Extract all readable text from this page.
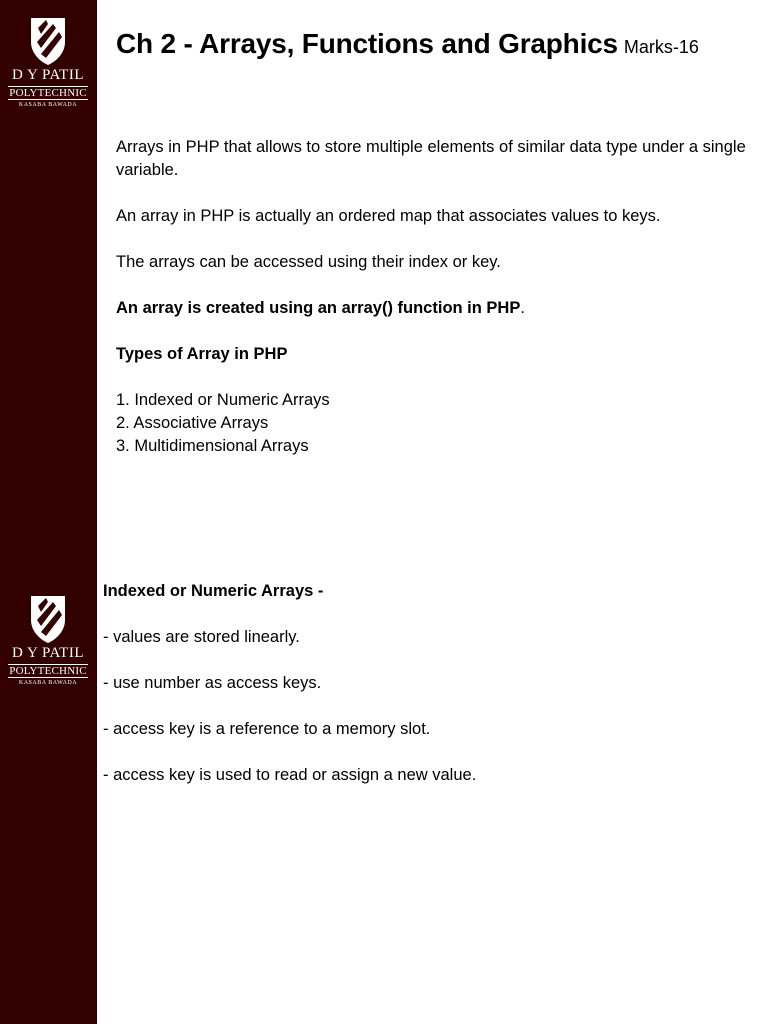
D Y PATIL
POLYTECHNIC
KASABA BAWADA
Ch 2 - Arrays, Functions and Graphics Marks-16

Arrays in PHP that allows to store multiple elements of similar data type under a single variable.

An array in PHP is actually an ordered map that associates values to keys.

The arrays can be accessed using their index or key.

An array is created using an array() function in PHP.

Types of Array in PHP

1. Indexed or Numeric Arrays
2. Associative Arrays
3. Multidimensional Arrays
D Y PATIL
POLYTECHNIC
KASABA BAWADA

Indexed or Numeric Arrays -

- values are stored linearly.

- use number as access keys.

- access key is a reference to a memory slot.

- access key is used to read or assign a new value.
